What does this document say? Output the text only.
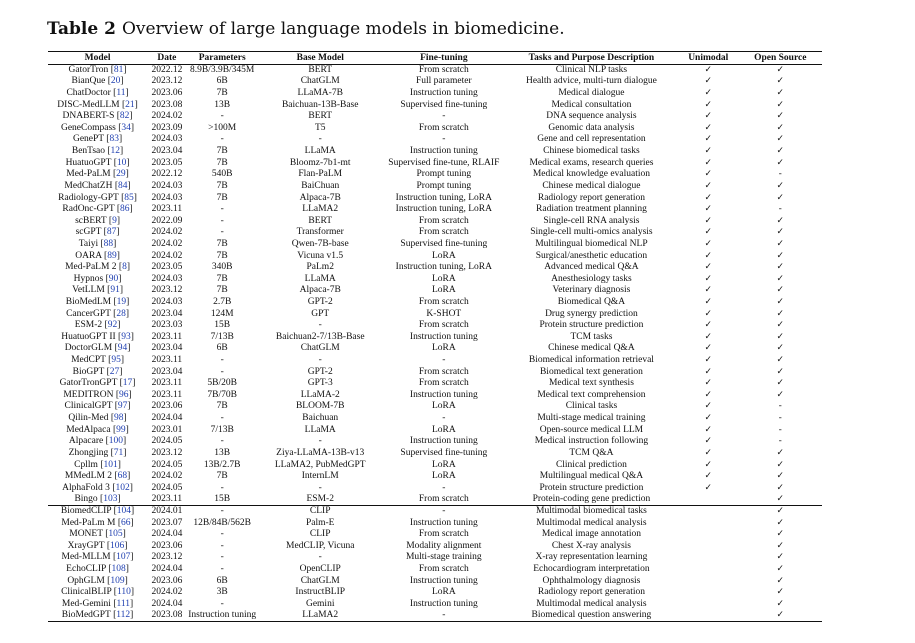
Table 2 Overview of large language models in biomedicine.
Model	Date	Parameters	Base Model	Fine-tuning	Tasks and Purpose Description	Unimodal	Open Source
GatorTron [81]	2022.12	8.9B/3.9B/345M	BERT	From scratch	Clinical NLP tasks	✓	✓
BianQue [20]	2023.12	6B	ChatGLM	Full parameter	Health advice, multi-turn dialogue	✓	✓
ChatDoctor [11]	2023.06	7B	LLaMA-7B	Instruction tuning	Medical dialogue	✓	✓
DISC-MedLLM [21]	2023.08	13B	Baichuan-13B-Base	Supervised fine-tuning	Medical consultation	✓	✓
DNABERT-S [82]	2024.02	-	BERT	-	DNA sequence analysis	✓	✓
GeneCompass [34]	2023.09	>100M	T5	From scratch	Genomic data analysis	✓	✓
GenePT [83]	2024.03	-	-	-	Gene and cell representation	✓	✓
BenTsao [12]	2023.04	7B	LLaMA	Instruction tuning	Chinese biomedical tasks	✓	✓
HuatuoGPT [10]	2023.05	7B	Bloomz-7b1-mt	Supervised fine-tune, RLAIF	Medical exams, research queries	✓	✓
Med-PaLM [29]	2022.12	540B	Flan-PaLM	Prompt tuning	Medical knowledge evaluation	✓	-
MedChatZH [84]	2024.03	7B	BaiChuan	Prompt tuning	Chinese medical dialogue	✓	✓
Radiology-GPT [85]	2024.03	7B	Alpaca-7B	Instruction tuning, LoRA	Radiology report generation	✓	✓
RadOnc-GPT [86]	2023.11	-	LLaMA2	Instruction tuning, LoRA	Radiation treatment planning	✓	-
scBERT [9]	2022.09	-	BERT	From scratch	Single-cell RNA analysis	✓	✓
scGPT [87]	2024.02	-	Transformer	From scratch	Single-cell multi-omics analysis	✓	✓
Taiyi [88]	2024.02	7B	Qwen-7B-base	Supervised fine-tuning	Multilingual biomedical NLP	✓	✓
OARA [89]	2024.02	7B	Vicuna v1.5	LoRA	Surgical/anesthetic education	✓	✓
Med-PaLM 2 [8]	2023.05	340B	PaLm2	Instruction tuning, LoRA	Advanced medical Q&A	✓	✓
Hypnos [90]	2024.03	7B	LLaMA	LoRA	Anesthesiology tasks	✓	✓
VetLLM [91]	2023.12	7B	Alpaca-7B	LoRA	Veterinary diagnosis	✓	✓
BioMedLM [19]	2024.03	2.7B	GPT-2	From scratch	Biomedical Q&A	✓	✓
CancerGPT [28]	2023.04	124M	GPT	K-SHOT	Drug synergy prediction	✓	✓
ESM-2 [92]	2023.03	15B	-	From scratch	Protein structure prediction	✓	✓
HuatuoGPT II [93]	2023.11	7/13B	Baichuan2-7/13B-Base	Instruction tuning	TCM tasks	✓	✓
DoctorGLM [94]	2023.04	6B	ChatGLM	LoRA	Chinese medical Q&A	✓	✓
MedCPT [95]	2023.11	-	-	-	Biomedical information retrieval	✓	✓
BioGPT [27]	2023.04	-	GPT-2	From scratch	Biomedical text generation	✓	✓
GatorTronGPT [17]	2023.11	5B/20B	GPT-3	From scratch	Medical text synthesis	✓	✓
MEDITRON [96]	2023.11	7B/70B	LLaMA-2	Instruction tuning	Medical text comprehension	✓	✓
ClinicalGPT [97]	2023.06	7B	BLOOM-7B	LoRA	Clinical tasks	✓	-
Qilin-Med [98]	2024.04	-	Baichuan	-	Multi-stage medical training	✓	-
MedAlpaca [99]	2023.01	7/13B	LLaMA	LoRA	Open-source medical LLM	✓	-
Alpacare [100]	2024.05	-	-	Instruction tuning	Medical instruction following	✓	-
Zhongjing [71]	2023.12	13B	Ziya-LLaMA-13B-v13	Supervised fine-tuning	TCM Q&A	✓	✓
Cpllm [101]	2024.05	13B/2.7B	LLaMA2, PubMedGPT	LoRA	Clinical prediction	✓	✓
MMedLM 2 [68]	2024.02	7B	InternLM	LoRA	Multilingual medical Q&A	✓	✓
AlphaFold 3 [102]	2024.05	-	-	-	Protein structure prediction	✓	✓
Bingo [103]	2023.11	15B	ESM-2	From scratch	Protein-coding gene prediction		✓
BiomedCLIP [104]	2024.01	-	CLIP	-	Multimodal biomedical tasks		✓
Med-PaLm M [66]	2023.07	12B/84B/562B	Palm-E	Instruction tuning	Multimodal medical analysis		✓
MONET [105]	2024.04	-	CLIP	From scratch	Medical image annotation		✓
XrayGPT [106]	2023.06	-	MedCLIP, Vicuna	Modality alignment	Chest X-ray analysis		✓
Med-MLLM [107]	2023.12	-	-	Multi-stage training	X-ray representation learning		✓
EchoCLIP [108]	2024.04	-	OpenCLIP	From scratch	Echocardiogram interpretation		✓
OphGLM [109]	2023.06	6B	ChatGLM	Instruction tuning	Ophthalmology diagnosis		✓
ClinicalBLIP [110]	2024.02	3B	InstructBLIP	LoRA	Radiology report generation		✓
Med-Gemini [111]	2024.04	-	Gemini	Instruction tuning	Multimodal medical analysis		✓
BioMedGPT [112]	2023.08	Instruction tuning	LLaMA2	-	Biomedical question answering		✓
